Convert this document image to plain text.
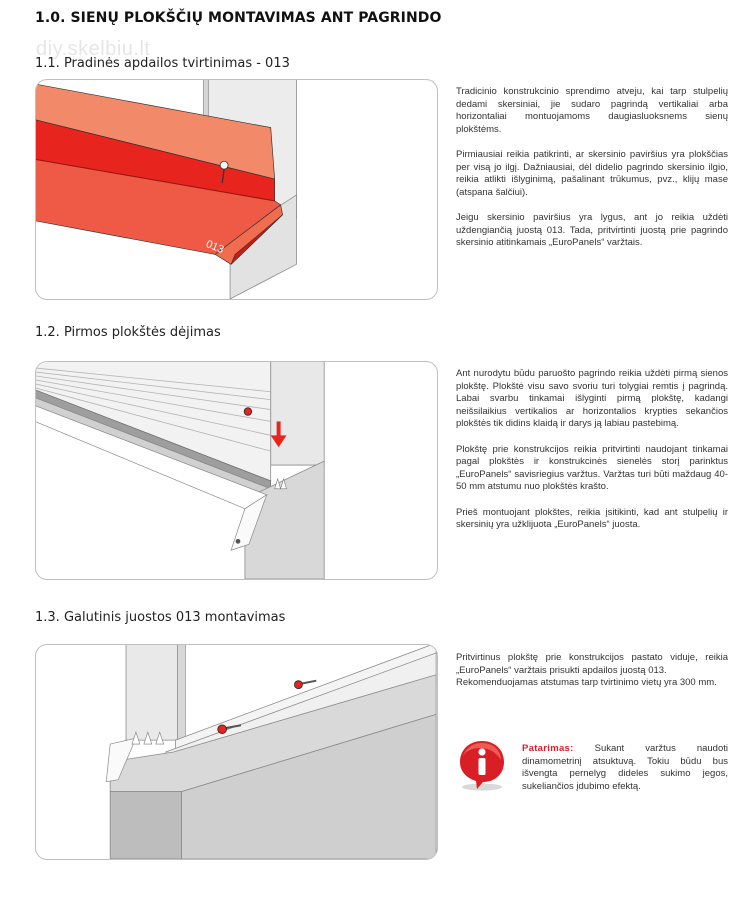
1.0. SIENŲ PLOKŠČIŲ MONTAVIMAS ANT PAGRINDO
diy.skelbiu.lt
1.1. Pradinės apdailos tvirtinimas - 013
013

Tradicinio konstrukcinio sprendimo atveju, kai tarp stulpelių dedami skersiniai, jie sudaro pagrindą vertikaliai arba horizontaliai montuojamoms daugiasluoksnems sienų plokštėms.

Pirmiausiai reikia patikrinti, ar skersinio paviršius yra plokščias per visą jo ilgį. Dažniausiai, dėl didelio pagrindo skersinio ilgio, reikia atlikti išlyginimą, pašalinant trūkumus, pvz., klijų mase (atspana šalčiui).

Jeigu skersinio paviršius yra lygus, ant jo reikia uždėti uždengiančią juostą 013. Tada, pritvirtinti juostą prie pagrindo skersinio atitinkamais „EuroPanels“ varžtais.

1.2. Pirmos plokštės dėjimas

Ant nurodytu būdu paruošto pagrindo reikia uždėti pirmą sienos plokštę. Plokštė visu savo svoriu turi tolygiai remtis į pagrindą. Labai svarbu tinkamai išlyginti pirmą plokštę, kadangi neišsilaikius vertikalios ar horizontalios krypties sekančios plokštės tik didins klaidą ir darys ją labiau pastebimą.

Plokštę prie konstrukcijos reikia pritvirtinti naudojant tinkamai pagal plokštės ir konstrukcinės sienelės storį parinktus „EuroPanels“ savisriegius varžtus. Varžtas turi būti maždaug 40-50 mm atstumu nuo plokštės krašto.

Prieš montuojant plokštes, reikia įsitikinti, kad ant stulpelių ir skersinių yra užklijuota „EuroPanels“ juosta.

1.3. Galutinis juostos 013 montavimas
Pritvirtinus plokštę prie konstrukcijos pastato viduje, reikia „EuroPanels“ varžtais prisukti apdailos juostą 013.
Rekomenduojamas atstumas tarp tvirtinimo vietų yra 300 mm.
Patarimas: Sukant varžtus naudoti dinamometrinį atsuktuvą. Tokiu būdu bus išvengta pernelyg dideles sukimo jegos, sukeliančios įdubimo efektą.
